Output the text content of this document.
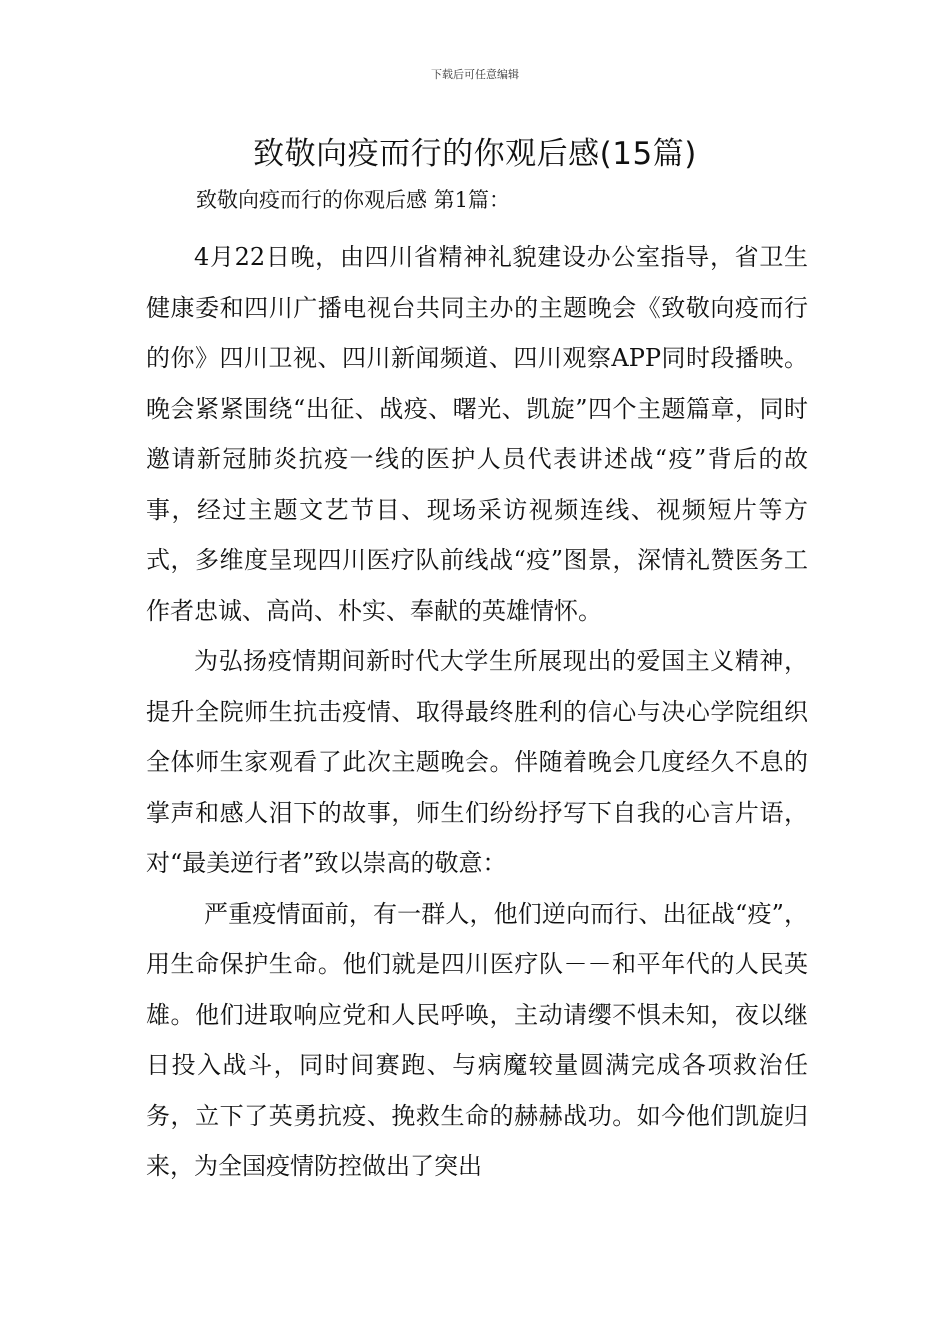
下载后可任意编辑
致敬向疫而行的你观后感(15篇)
致敬向疫而行的你观后感 第1篇：

4月22日晚，由四川省精神礼貌建设办公室指导，省卫生健康委和四川广播电视台共同主办的主题晚会《致敬向疫而行的你》四川卫视、四川新闻频道、四川观察APP同时段播映。晚会紧紧围绕“出征、战疫、曙光、凯旋”四个主题篇章，同时邀请新冠肺炎抗疫一线的医护人员代表讲述战“疫”背后的故事，经过主题文艺节目、现场采访视频连线、视频短片等方式，多维度呈现四川医疗队前线战“疫”图景，深情礼赞医务工作者忠诚、高尚、朴实、奉献的英雄情怀。

为弘扬疫情期间新时代大学生所展现出的爱国主义精神，提升全院师生抗击疫情、取得最终胜利的信心与决心学院组织全体师生家观看了此次主题晚会。伴随着晚会几度经久不息的掌声和感人泪下的故事，师生们纷纷抒写下自我的心言片语，对“最美逆行者”致以崇高的敬意：

严重疫情面前，有一群人，他们逆向而行、出征战“疫”，用生命保护生命。他们就是四川医疗队－－和平年代的人民英雄。他们进取响应党和人民呼唤，主动请缨不惧未知，夜以继日投入战斗，同时间赛跑、与病魔较量圆满完成各项救治任务，立下了英勇抗疫、挽救生命的赫赫战功。如今他们凯旋归来，为全国疫情防控做出了突出
